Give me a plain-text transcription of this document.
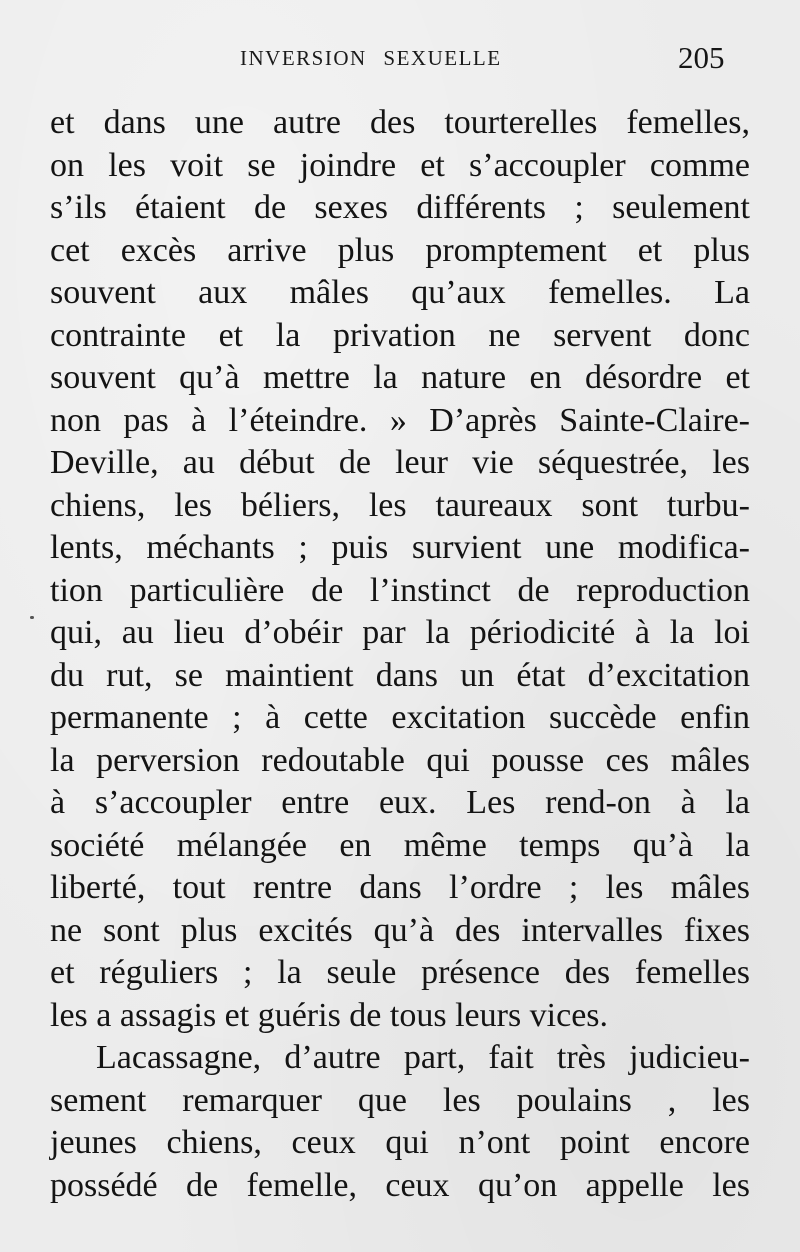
INVERSION SEXUELLE	205
et dans une autre des tourterelles femelles,
on les voit se joindre et s’accoupler comme
s’ils étaient de sexes différents ; seulement
cet excès arrive plus promptement et plus
souvent aux mâles qu’aux femelles. La
contrainte et la privation ne servent donc
souvent qu’à mettre la nature en désordre et
non pas à l’éteindre. » D’après Sainte-Claire-
Deville, au début de leur vie séquestrée, les
chiens, les béliers, les taureaux sont turbu-
lents, méchants ; puis survient une modifica-
tion particulière de l’instinct de reproduction
qui, au lieu d’obéir par la périodicité à la loi
du rut, se maintient dans un état d’excitation
permanente ; à cette excitation succède enfin
la perversion redoutable qui pousse ces mâles
à s’accoupler entre eux. Les rend-on à la
société mélangée en même temps qu’à la
liberté, tout rentre dans l’ordre ; les mâles
ne sont plus excités qu’à des intervalles fixes
et réguliers ; la seule présence des femelles
les a assagis et guéris de tous leurs vices.
Lacassagne, d’autre part, fait très judicieu-
sement remarquer que les poulains , les
jeunes chiens, ceux qui n’ont point encore
possédé de femelle, ceux qu’on appelle les
